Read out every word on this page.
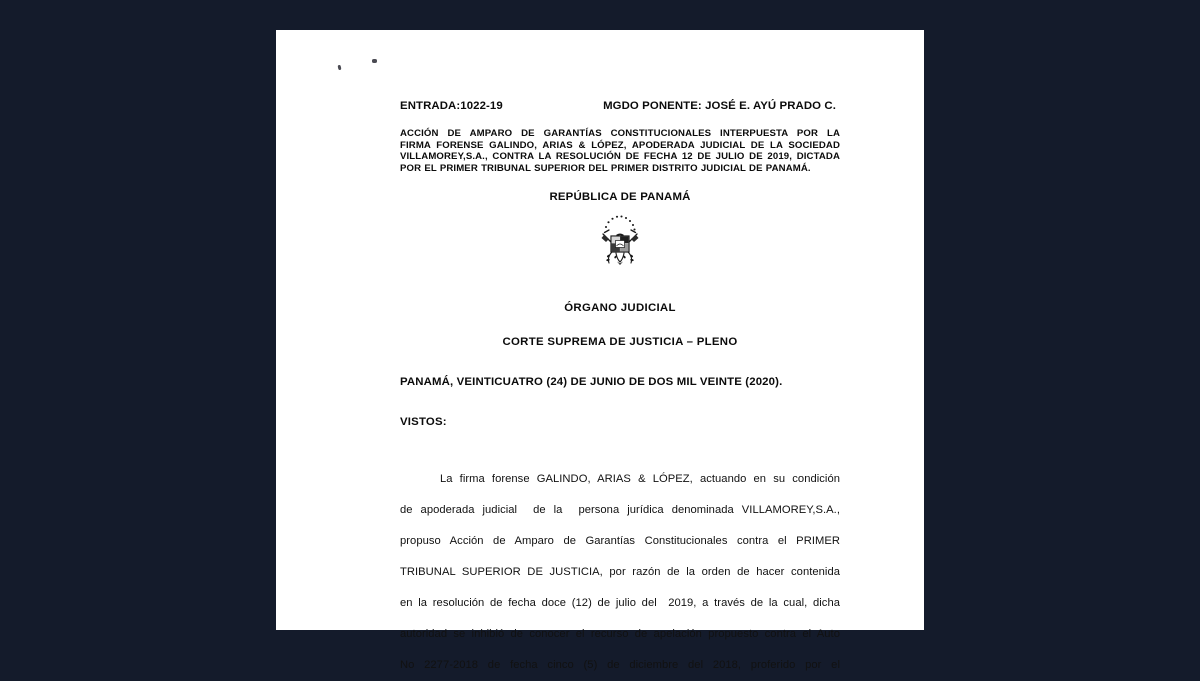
ENTRADA:1022-19	MGDO PONENTE: JOSÉ E. AYÚ PRADO C.
ACCIÓN DE AMPARO DE GARANTÍAS CONSTITUCIONALES INTERPUESTA POR LA
FIRMA FORENSE GALINDO, ARIAS & LÓPEZ, APODERADA JUDICIAL DE LA SOCIEDAD
VILLAMOREY,S.A., CONTRA LA RESOLUCIÓN DE FECHA 12 DE JULIO DE 2019, DICTADA
POR EL PRIMER TRIBUNAL SUPERIOR DEL PRIMER DISTRITO JUDICIAL DE PANAMÁ.
REPÚBLICA DE PANAMÁ
ÓRGANO JUDICIAL
CORTE SUPREMA DE JUSTICIA – PLENO
PANAMÁ, VEINTICUATRO (24) DE JUNIO DE DOS MIL VEINTE (2020).
VISTOS:
La firma forense GALINDO, ARIAS & LÓPEZ, actuando en su condición
de apoderada judicial  de la  persona jurídica denominada VILLAMOREY,S.A.,
propuso Acción de Amparo de Garantías Constitucionales contra el PRIMER
TRIBUNAL SUPERIOR DE JUSTICIA, por razón de la orden de hacer contenida
en la resolución de fecha doce (12) de julio del  2019, a través de la cual, dicha
autoridad se inhibió de conocer el recurso de apelación propuesto contra el Auto
No 2277-2018 de fecha cinco (5) de diciembre del 2018, proferido por el
